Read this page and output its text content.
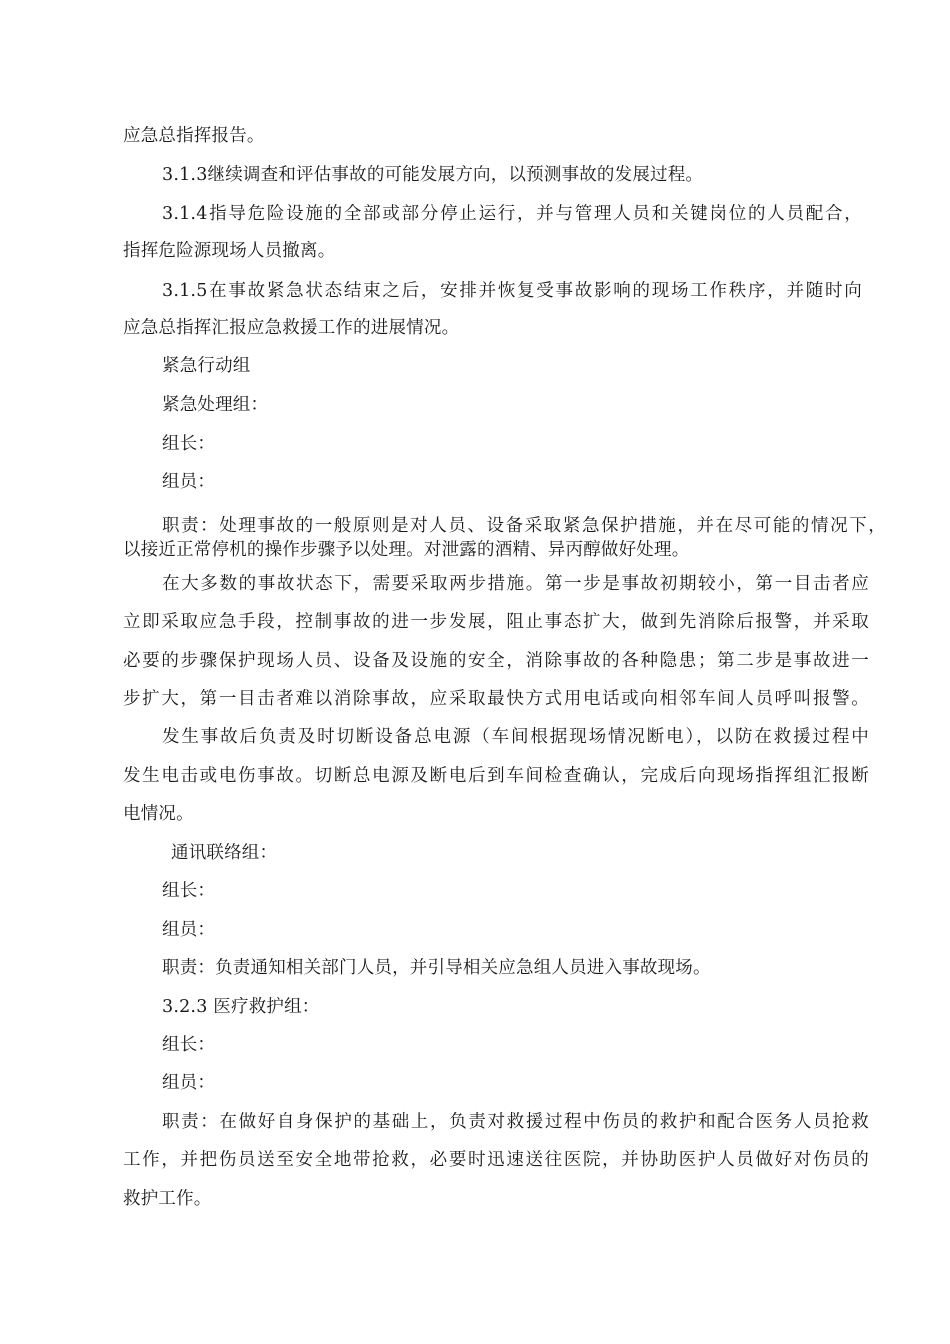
应急总指挥报告。
3.1.3继续调查和评估事故的可能发展方向，以预测事故的发展过程。
3.1.4指导危险设施的全部或部分停止运行，并与管理人员和关键岗位的人员配合，
指挥危险源现场人员撤离。
3.1.5在事故紧急状态结束之后，安排并恢复受事故影响的现场工作秩序，并随时向
应急总指挥汇报应急救援工作的进展情况。
紧急行动组
紧急处理组：
组长：
组员：
职责：处理事故的一般原则是对人员、设备采取紧急保护措施，并在尽可能的情况下，
以接近正常停机的操作步骤予以处理。对泄露的酒精、异丙醇做好处理。
在大多数的事故状态下，需要采取两步措施。第一步是事故初期较小，第一目击者应
立即采取应急手段，控制事故的进一步发展，阻止事态扩大，做到先消除后报警，并采取
必要的步骤保护现场人员、设备及设施的安全，消除事故的各种隐患；第二步是事故进一
步扩大，第一目击者难以消除事故，应采取最快方式用电话或向相邻车间人员呼叫报警。
发生事故后负责及时切断设备总电源（车间根据现场情况断电），以防在救援过程中
发生电击或电伤事故。切断总电源及断电后到车间检查确认，完成后向现场指挥组汇报断
电情况。
通讯联络组：
组长：
组员：
职责：负责通知相关部门人员，并引导相关应急组人员进入事故现场。
3.2.3 医疗救护组：
组长：
组员：
职责：在做好自身保护的基础上，负责对救援过程中伤员的救护和配合医务人员抢救
工作，并把伤员送至安全地带抢救，必要时迅速送往医院，并协助医护人员做好对伤员的
救护工作。
